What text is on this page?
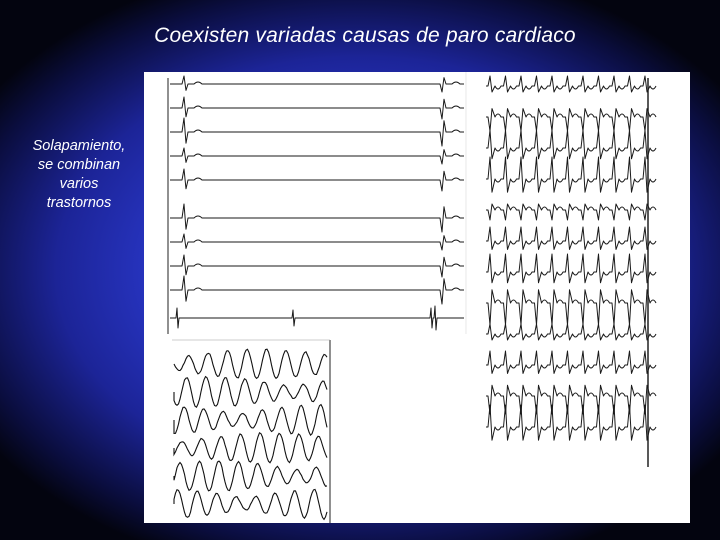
Coexisten variadas causas de paro cardiaco
Solapamiento,
se combinan
varios
trastornos
